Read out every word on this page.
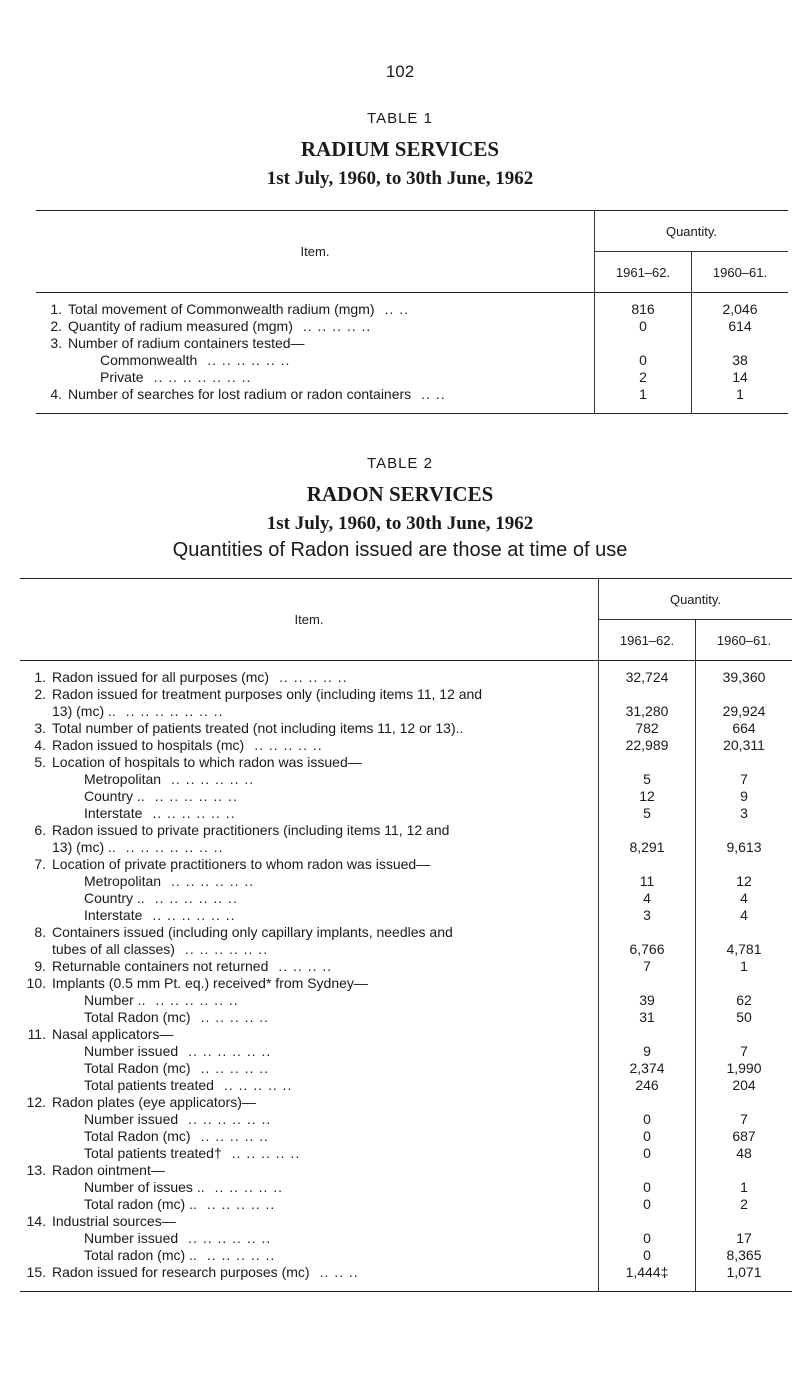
102
TABLE 1
RADIUM SERVICES
1st July, 1960, to 30th June, 1962
Item.	Quantity.	
	1961–62.	1960–61.
1. Total movement of Commonwealth radium (mgm) .. ..	816	2,046
2. Quantity of radium measured (mgm) .. .. .. .. ..	0	614
3. Number of radium containers tested—		
Commonwealth .. .. .. .. .. ..	0	38
Private .. .. .. .. .. .. ..	2	14
4. Number of searches for lost radium or radon containers .. ..	1	1
TABLE 2
RADON SERVICES
1st July, 1960, to 30th June, 1962
Quantities of Radon issued are those at time of use
Item.	Quantity.	
	1961–62.	1960–61.
1. Radon issued for all purposes (mc) .. .. .. .. ..	32,724	39,360
2. Radon issued for treatment purposes only (including items 11, 12 and		
13) (mc) .. .. .. .. .. .. .. ..	31,280	29,924
3. Total number of patients treated (not including items 11, 12 or 13)..	782	664
4. Radon issued to hospitals (mc) .. .. .. .. ..	22,989	20,311
5. Location of hospitals to which radon was issued—		
Metropolitan .. .. .. .. .. ..	5	7
Country .. .. .. .. .. .. ..	12	9
Interstate .. .. .. .. .. ..	5	3
6. Radon issued to private practitioners (including items 11, 12 and		
13) (mc) .. .. .. .. .. .. .. ..	8,291	9,613
7. Location of private practitioners to whom radon was issued—		
Metropolitan .. .. .. .. .. ..	11	12
Country .. .. .. .. .. .. ..	4	4
Interstate .. .. .. .. .. ..	3	4
8. Containers issued (including only capillary implants, needles and		
tubes of all classes) .. .. .. .. .. ..	6,766	4,781
9. Returnable containers not returned .. .. .. ..	7	1
10. Implants (0.5 mm Pt. eq.) received* from Sydney—		
Number .. .. .. .. .. .. ..	39	62
Total Radon (mc) .. .. .. .. ..	31	50
11. Nasal applicators—		
Number issued .. .. .. .. .. ..	9	7
Total Radon (mc) .. .. .. .. ..	2,374	1,990
Total patients treated .. .. .. .. ..	246	204
12. Radon plates (eye applicators)—		
Number issued .. .. .. .. .. ..	0	7
Total Radon (mc) .. .. .. .. ..	0	687
Total patients treated† .. .. .. .. ..	0	48
13. Radon ointment—		
Number of issues .. .. .. .. .. ..	0	1
Total radon (mc) .. .. .. .. .. ..	0	2
14. Industrial sources—		
Number issued .. .. .. .. .. ..	0	17
Total radon (mc) .. .. .. .. .. ..	0	8,365
15. Radon issued for research purposes (mc) .. .. ..	1,444‡	1,071
